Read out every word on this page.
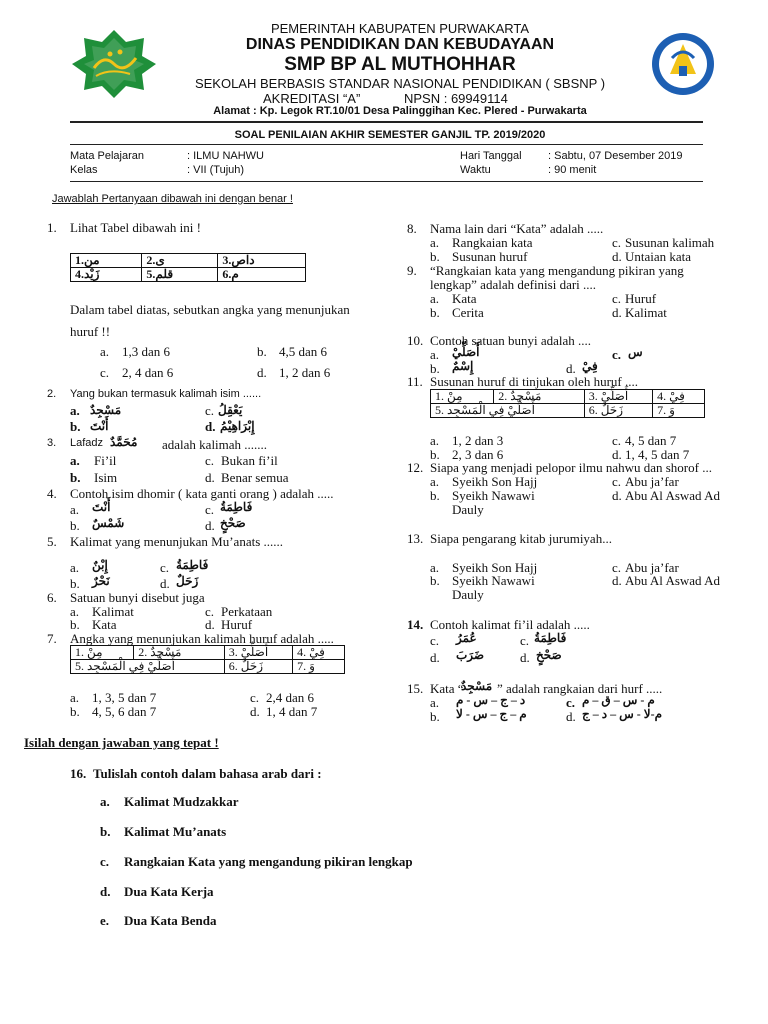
PEMERINTAH KABUPATEN PURWAKARTA
DINAS PENDIDIKAN DAN KEBUDAYAAN
SMP BP AL MUTHOHHAR
SEKOLAH BERBASIS STANDAR NASIONAL PENDIDIKAN ( SBSNP )
AKREDITASI “A”	NPSN : 69949114
Alamat : Kp. Legok RT.10/01 Desa Palinggihan Kec. Plered - Purwakarta
SOAL PENILAIAN AKHIR SEMESTER GANJIL TP. 2019/2020
Mata Pelajaran	: ILMU NAHWU
Kelas	: VII (Tujuh)
Hari Tanggal : Sabtu, 07 Desember 2019
Waktu	: 90 menit
Jawablah Pertanyaan dibawah ini dengan benar !
1. Lihat Tabel dibawah ini !
1.من	2.ى	3.داص
4.زَيْد	5.قلم	6.م
Dalam tabel diatas, sebutkan angka yang menunjukan
huruf !!
a. 1,3 dan 6	b. 4,5 dan 6
c. 2, 4 dan 6	d. 1, 2 dan 6
2. Yang bukan termasuk kalimah isim ......
a. مَسْجِدٌ	c. يَعْقِلُ
b. أَنْتَ	d. إِبْرَاهِيْمُ
3. Lafadz مُحَمَّدٌ adalah kalimah .......
a. Fi’il	c. Bukan fi’il
b. Isim	d. Benar semua
4. Contoh isim dhomir ( kata ganti orang ) adalah .....
a. أَنْتَ	c. فَاطِمَةُ
b. شَمْسٌ	d. صَحْخٍ
5. Kalimat yang menunjukan Mu’anats ......
a. إِبْنٌ	c. فَاطِمَةُ
b. نَحْرٌ	d. زَحَلٌ
6. Satuan bunyi disebut juga
a. Kalimat	c. Perkataan
b. Kata	d. Huruf
7. Angka yang menunjukan kalimah huruf adalah .....
1. مِنْ	2. مَسْجِدٌ	3. أَصَلِّيْ	4. فِيْ
5. أَصَلِّيْ فِي الْمَسْجِد		6. زَحَلٌ	7. وَ
a. 1, 3, 5 dan 7	c. 2,4 dan 6
b. 4, 5, 6 dan 7	d. 1, 4 dan 7
8. Nama lain dari “Kata” adalah .....
a. Rangkaian kata	c. Susunan kalimah
b. Susunan huruf	d. Untaian kata
9. “Rangkaian kata yang mengandung pikiran yang
lengkap” adalah definisi dari ....
a. Kata	c. Huruf
b. Cerita	d. Kalimat
10. Contoh satuan bunyi adalah ....
a. أَصَلِّيْ	c. س
b. إِسْمٌ	d. فِيْ
11. Susunan huruf di tinjukan oleh huruf ....
1. مِنْ	2. مَسْجِدٌ	3. أَصَلِّيْ	4. فِيْ
5. أَصَلِّيْ فِي الْمَسْجِد		6. زَحَلٌ	7. وَ
a. 1, 2 dan 3	c. 4, 5 dan 7
b. 2, 3 dan 6	d. 1, 4, 5 dan 7
12. Siapa yang menjadi pelopor ilmu nahwu dan shorof ...
a. Syeikh Son Hajj	c. Abu ja’far
b. Syeikh Nawawi	d. Abu Al Aswad Ad
Dauly
13. Siapa pengarang kitab jurumiyah...
a. Syeikh Son Hajj	c. Abu ja’far
b. Syeikh Nawawi	d. Abu Al Aswad Ad
Dauly
14. Contoh kalimat fi’il adalah .....
c. عُمَرُ	c. فَاطِمَةُ
d. ضَرَبَ	d. صَحْخٍ
15. Kata “
مَسْجِدٌ ” adalah rangkaian dari hurf .....
a. د – ج – س - م	c. م - س – ق – م
b. م – ج – س - لا	d. م-لا - س – د – ج
Isilah dengan jawaban yang tepat !
16. Tulislah contoh dalam bahasa arab dari :
a. Kalimat Mudzakkar
b. Kalimat Mu’anats
c. Rangkaian Kata yang mengandung pikiran lengkap
d. Dua Kata Kerja
e. Dua Kata Benda
